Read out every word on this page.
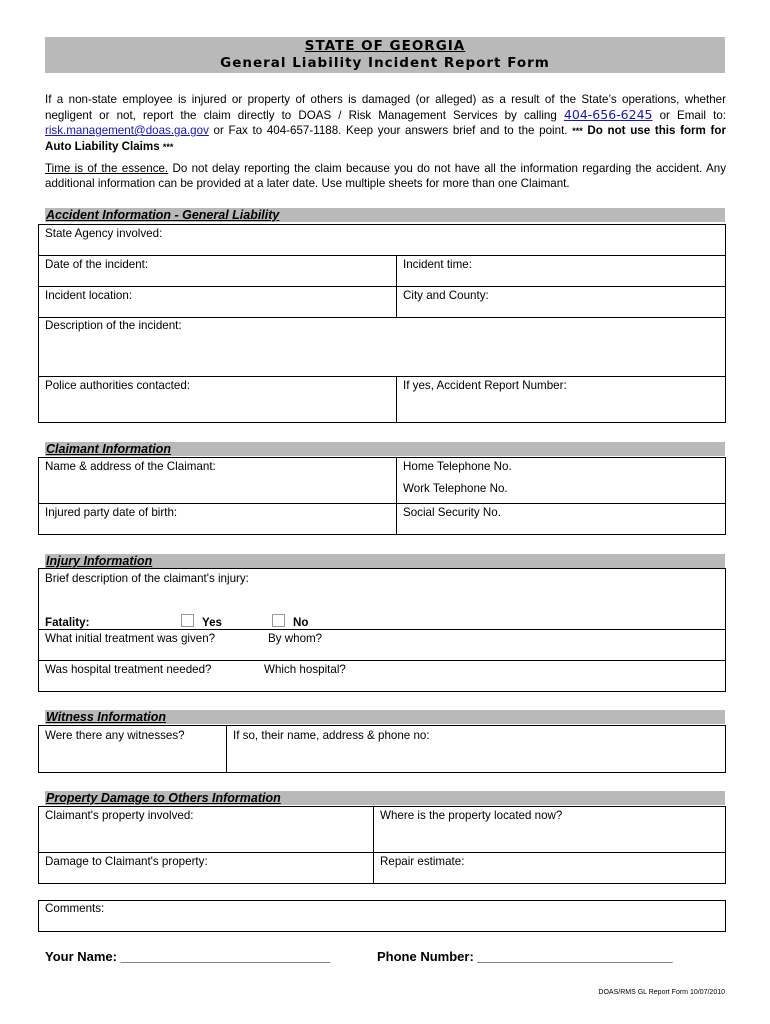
STATE OF GEORGIA
General Liability Incident Report Form
If a non-state employee is injured or property of others is damaged (or alleged) as a result of the State’s operations, whether negligent or not, report the claim directly to DOAS / Risk Management Services by calling 404-656-6245 or Email to: risk.management@doas.ga.gov or Fax to 404-657-1188. Keep your answers brief and to the point. *** Do not use this form for Auto Liability Claims ***
Time is of the essence. Do not delay reporting the claim because you do not have all the information regarding the accident. Any additional information can be provided at a later date. Use multiple sheets for more than one Claimant.
Accident Information - General Liability
State Agency involved:
Date of the incident:	Incident time:
Incident location:	City and County:
Description of the incident:
Police authorities contacted:	If yes, Accident Report Number:
Claimant Information
Name & address of the Claimant:	Home Telephone No.
Work Telephone No.
Injured party date of birth:	Social Security No.
Injury Information
Brief description of the claimant's injury:
Fatality:	Yes	No
What initial treatment was given?	By whom?
Was hospital treatment needed?	Which hospital?
Witness Information
Were there any witnesses?	If so, their name, address & phone no:
Property Damage to Others Information
Claimant's property involved:	Where is the property located now?
Damage to Claimant's property:	Repair estimate:
Comments:
Your Name: _____________________________	Phone Number: ___________________________
DOAS/RMS GL Report Form 10/07/2010
